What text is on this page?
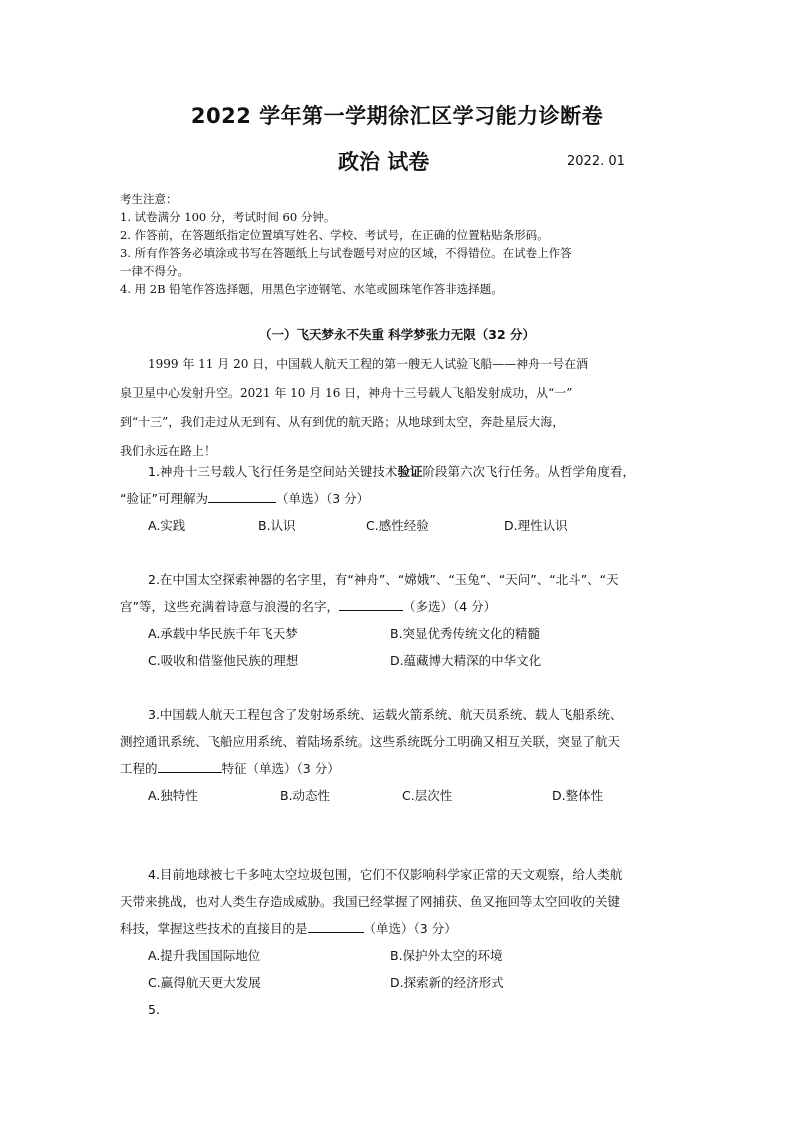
2022 学年第一学期徐汇区学习能力诊断卷
政治 试卷	2022. 01
考生注意：
1. 试卷满分 100 分，考试时间 60 分钟。
2. 作答前，在答题纸指定位置填写姓名、学校、考试号，在正确的位置粘贴条形码。
3. 所有作答务必填涂或书写在答题纸上与试卷题号对应的区域，不得错位。在试卷上作答
一律不得分。
4. 用 2B 铅笔作答选择题，用黑色字迹钢笔、水笔或圆珠笔作答非选择题。
（一）飞天梦永不失重 科学梦张力无限（32 分）
1999 年 11 月 20 日，中国载人航天工程的第一艘无人试验飞船——神舟一号在酒
泉卫星中心发射升空。2021 年 10 月 16 日，神舟十三号载人飞船发射成功，从“一”
到“十三”，我们走过从无到有、从有到优的航天路；从地球到太空，奔赴星辰大海，
我们永远在路上！
1.神舟十三号载人飞行任务是空间站关键技术验证阶段第六次飞行任务。从哲学角度看，
“验证”可理解为	（单选）（3 分）
A.实践	B.认识	C.感性经验	D.理性认识
2.在中国太空探索神器的名字里，有“神舟”、“嫦娥”、“玉兔”、“天问”、“北斗”、“天
宫”等，这些充满着诗意与浪漫的名字，	（多选）（4 分）
A.承载中华民族千年飞天梦	B.突显优秀传统文化的精髓
C.吸收和借鉴他民族的理想	D.蕴藏博大精深的中华文化
3.中国载人航天工程包含了发射场系统、运载火箭系统、航天员系统、载人飞船系统、
测控通讯系统、飞船应用系统、着陆场系统。这些系统既分工明确又相互关联，突显了航天
工程的	特征（单选）（3 分）
A.独特性	B.动态性	C.层次性	D.整体性
4.目前地球被七千多吨太空垃圾包围，它们不仅影响科学家正常的天文观察，给人类航
天带来挑战，也对人类生存造成威胁。我国已经掌握了网捕获、鱼叉拖回等太空回收的关键
科技，掌握这些技术的直接目的是	（单选）（3 分）
A.提升我国国际地位	B.保护外太空的环境
C.赢得航天更大发展	D.探索新的经济形式
5.
